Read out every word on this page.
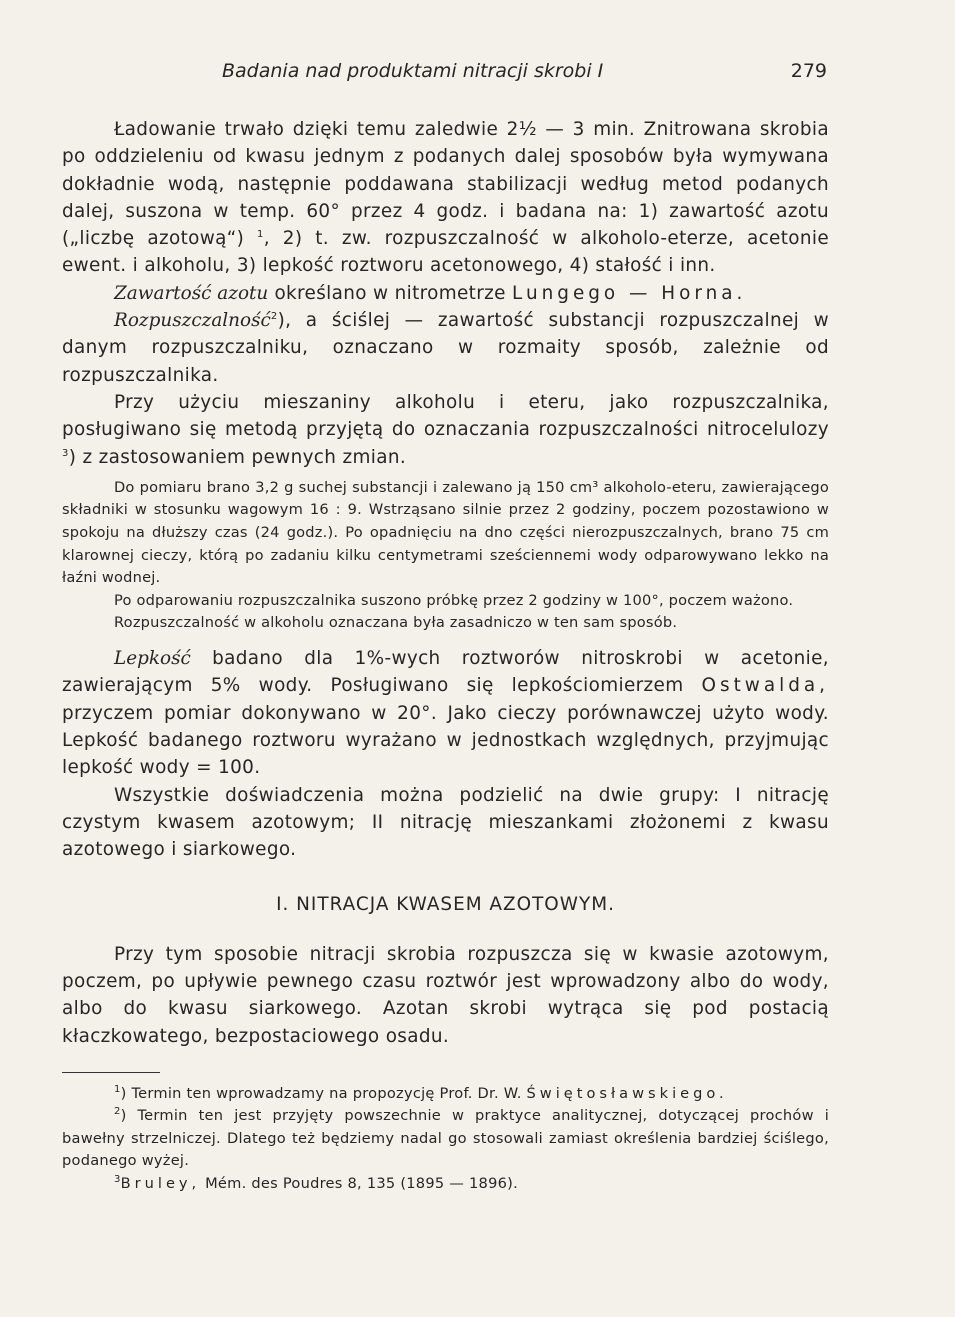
Badania nad produktami nitracji skrobi I	279

Ładowanie trwało dzięki temu zaledwie 2½ — 3 min. Znitrowana skrobia po oddzieleniu od kwasu jednym z podanych dalej sposobów była wymywana dokładnie wodą, następnie poddawana stabilizacji według metod podanych dalej, suszona w temp. 60° przez 4 godz. i badana na: 1) zawartość azotu („liczbę azotową“) $^1$, 2) t. zw. rozpuszczalność w alkoholo-eterze, acetonie ewent. i alkoholu, 3) lepkość roztworu acetonowego, 4) stałość i inn.

Zawartość azotu określano w nitrometrze Lungego — Horna.

Rozpuszczalność$^2$), a ściślej — zawartość substancji rozpuszczalnej w danym rozpuszczalniku, oznaczano w rozmaity sposób, zależnie od rozpuszczalnika.

Przy użyciu mieszaniny alkoholu i eteru, jako rozpuszczalnika, posługiwano się metodą przyjętą do oznaczania rozpuszczalności nitrocelulozy $^3$) z zastosowaniem pewnych zmian.

Do pomiaru brano 3,2 g suchej substancji i zalewano ją 150 cm³ alkoholo-eteru, zawierającego składniki w stosunku wagowym 16 : 9. Wstrząsano silnie przez 2 godziny, poczem pozostawiono w spokoju na dłuższy czas (24 godz.). Po opadnięciu na dno części nierozpuszczalnych, brano 75 cm klarownej cieczy, którą po zadaniu kilku centymetrami sześciennemi wody odparowywano lekko na łaźni wodnej.

Po odparowaniu rozpuszczalnika suszono próbkę przez 2 godziny w 100°, poczem ważono.

Rozpuszczalność w alkoholu oznaczana była zasadniczo w ten sam sposób.

Lepkość badano dla 1%-wych roztworów nitroskrobi w acetonie, zawierającym 5% wody. Posługiwano się lepkościomierzem Ostwalda, przyczem pomiar dokonywano w 20°. Jako cieczy porównawczej użyto wody. Lepkość badanego roztworu wyrażano w jednostkach względnych, przyjmując lepkość wody = 100.

Wszystkie doświadczenia można podzielić na dwie grupy: I nitrację czystym kwasem azotowym; II nitrację mieszankami złożonemi z kwasu azotowego i siarkowego.

I. NITRACJA KWASEM AZOTOWYM.

Przy tym sposobie nitracji skrobia rozpuszcza się w kwasie azotowym, poczem, po upływie pewnego czasu roztwór jest wprowadzony albo do wody, albo do kwasu siarkowego. Azotan skrobi wytrąca się pod postacią kłaczkowatego, bezpostaciowego osadu.

$^1$) Termin ten wprowadzamy na propozycję Prof. Dr. W. Świętosławskiego.

$^2$) Termin ten jest przyjęty powszechnie w praktyce analitycznej, dotyczącej prochów i bawełny strzelniczej. Dlatego też będziemy nadal go stosowali zamiast określenia bardziej ściślego, podanego wyżej.

$^3$Bruley, Mém. des Poudres 8, 135 (1895 — 1896).
